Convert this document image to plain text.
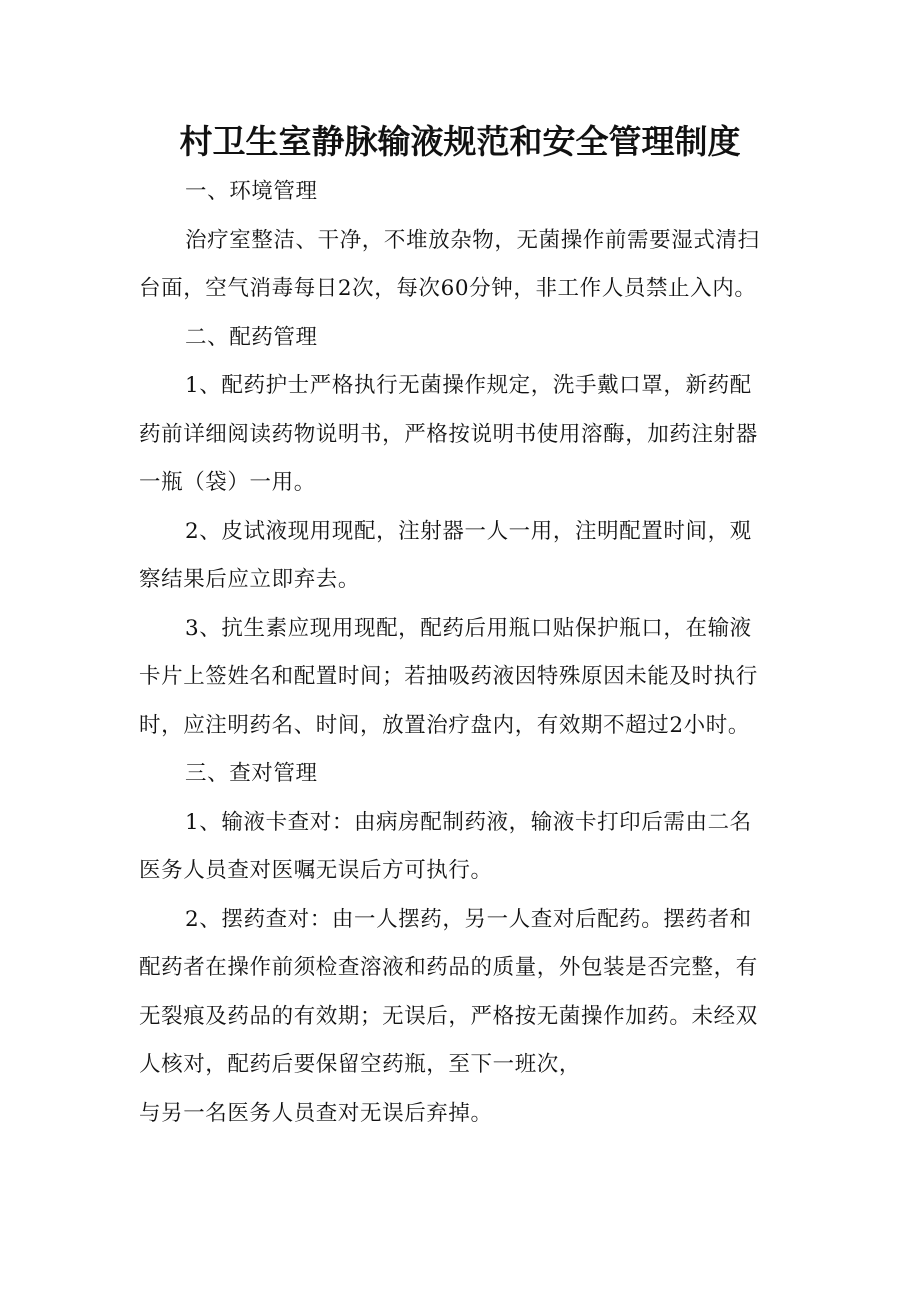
村卫生室静脉输液规范和安全管理制度

一、环境管理

治疗室整洁、干净，不堆放杂物，无菌操作前需要湿式清扫
台面，空气消毒每日2次，每次60分钟，非工作人员禁止入内。

二、配药管理

1、配药护士严格执行无菌操作规定，洗手戴口罩，新药配
药前详细阅读药物说明书，严格按说明书使用溶酶，加药注射器
一瓶（袋）一用。

2、皮试液现用现配，注射器一人一用，注明配置时间，观
察结果后应立即弃去。

3、抗生素应现用现配，配药后用瓶口贴保护瓶口，在输液
卡片上签姓名和配置时间；若抽吸药液因特殊原因未能及时执行
时，应注明药名、时间，放置治疗盘内，有效期不超过2小时。

三、查对管理

1、输液卡查对：由病房配制药液，输液卡打印后需由二名
医务人员查对医嘱无误后方可执行。

2、摆药查对：由一人摆药，另一人查对后配药。摆药者和
配药者在操作前须检查溶液和药品的质量，外包装是否完整，有
无裂痕及药品的有效期；无误后，严格按无菌操作加药。未经双
人核对，配药后要保留空药瓶，至下一班次，

与另一名医务人员查对无误后弃掉。
